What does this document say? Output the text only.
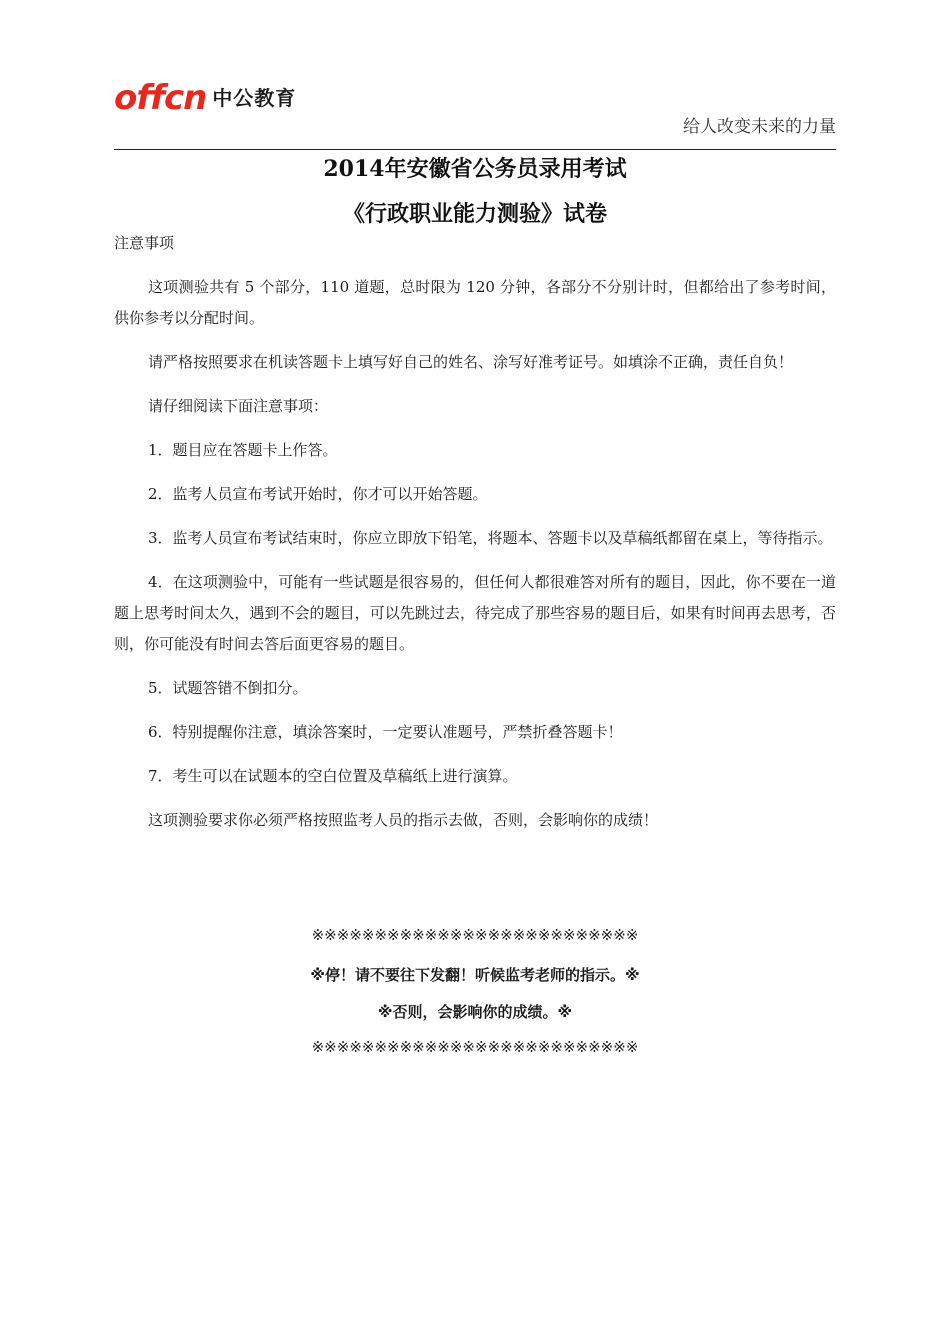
offcn 中公教育
给人改变未来的力量
2014年安徽省公务员录用考试
《行政职业能力测验》试卷
注意事项

这项测验共有 5 个部分，110 道题，总时限为 120 分钟，各部分不分别计时，但都给出了参考时间，供你参考以分配时间。

请严格按照要求在机读答题卡上填写好自己的姓名、涂写好准考证号。如填涂不正确，责任自负！

请仔细阅读下面注意事项：

1．题目应在答题卡上作答。

2．监考人员宣布考试开始时，你才可以开始答题。

3．监考人员宣布考试结束时，你应立即放下铅笔，将题本、答题卡以及草稿纸都留在桌上，等待指示。

4．在这项测验中，可能有一些试题是很容易的，但任何人都很难答对所有的题目，因此，你不要在一道题上思考时间太久，遇到不会的题目，可以先跳过去，待完成了那些容易的题目后，如果有时间再去思考，否则，你可能没有时间去答后面更容易的题目。

5．试题答错不倒扣分。

6．特别提醒你注意，填涂答案时，一定要认准题号，严禁折叠答题卡！

7．考生可以在试题本的空白位置及草稿纸上进行演算。

这项测验要求你必须严格按照监考人员的指示去做，否则，会影响你的成绩！

※※※※※※※※※※※※※※※※※※※※※※※※※※
※停！请不要往下发翻！听候监考老师的指示。※
※否则，会影响你的成绩。※
※※※※※※※※※※※※※※※※※※※※※※※※※※
